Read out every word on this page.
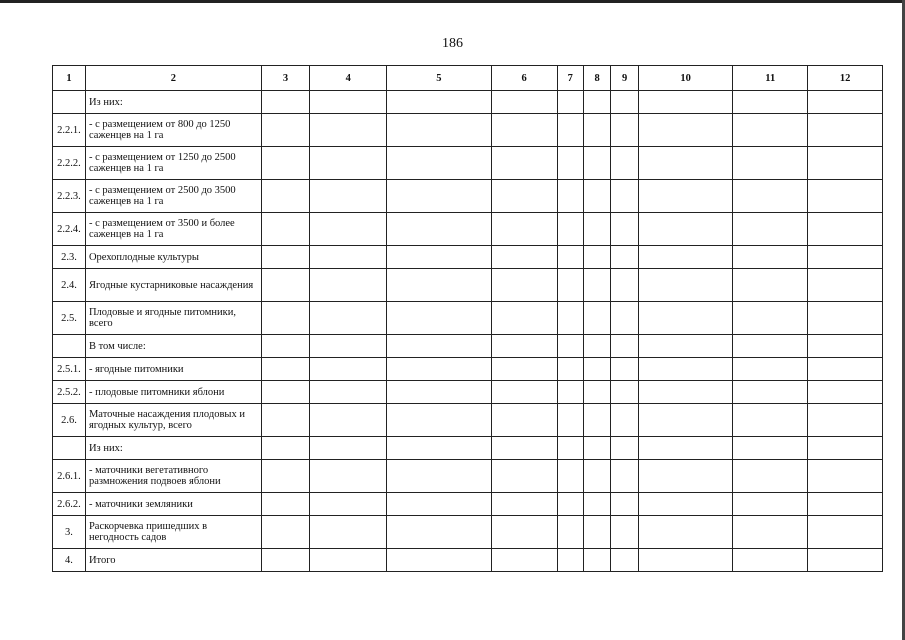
186
1	2	3	4	5	6	7	8	9	10	11	12
	Из них:										
2.2.1.	- с размещением от 800 до 1250 саженцев на 1 га										
2.2.2.	- с размещением от 1250 до 2500 саженцев на 1 га										
2.2.3.	- с размещением от 2500 до 3500 саженцев на 1 га										
2.2.4.	- с размещением от 3500 и более саженцев на 1 га										
2.3.	Орехоплодные культуры										
2.4.	Ягодные кустарниковые насаждения										
2.5.	Плодовые и ягодные питомники, всего										
	В том числе:										
2.5.1.	- ягодные питомники										
2.5.2.	- плодовые питомники яблони										
2.6.	Маточные насаждения плодовых и ягодных культур, всего										
	Из них:										
2.6.1.	- маточники вегетативного размножения подвоев яблони										
2.6.2.	- маточники земляники										
3.	Раскорчевка пришедших в негодность садов										
4.	Итого										
